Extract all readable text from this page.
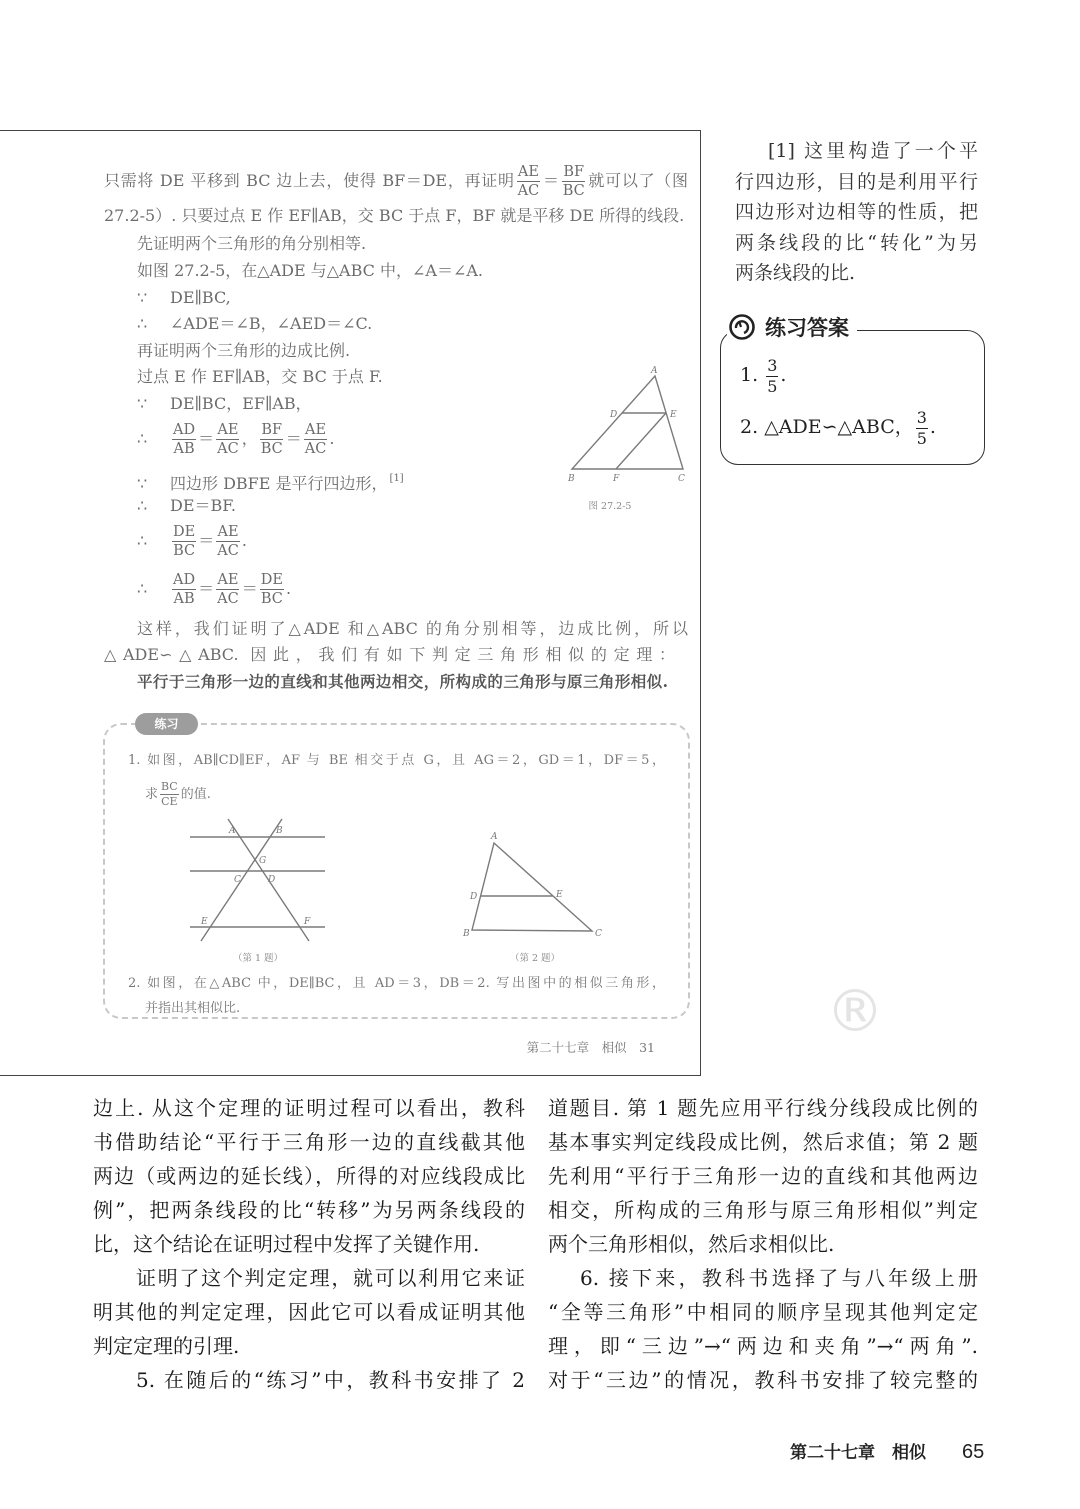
只需将 DE 平移到 BC 边上去，使得 BF＝DE，再证明 $\frac{AE}{AC} = \frac{BF}{BC}$ 就可以了（图
27.2-5）. 只要过点 E 作 EF∥AB，交 BC 于点 F，BF 就是平移 DE 所得的线段.
先证明两个三角形的角分别相等.
如图 27.2-5，在△ADE 与△ABC 中，∠A＝∠A.
∵ DE∥BC,
∴ ∠ADE＝∠B，∠AED＝∠C.
再证明两个三角形的边成比例.
过点 E 作 EF∥AB，交 BC 于点 F.
∵ DE∥BC，EF∥AB，
∴ $\frac{AD}{AB} = \frac{AE}{AC}$ ， $\frac{BF}{BC} = \frac{AE}{AC}$ .
∵ 四边形 DBFE 是平行四边形， [1]
∴ DE＝BF.
∴ $\frac{DE}{BC} = \frac{AE}{AC}$ .
∴ $\frac{AD}{AB} = \frac{AE}{AC} = \frac{DE}{BC}$ .
这样，我们证明了△ADE 和△ABC 的角分别相等，边成比例，所以
△ADE∽△ABC. 因此，我们有如下判定三角形相似的定理：
平行于三角形一边的直线和其他两边相交，所构成的三角形与原三角形相似.
A
D	E
B	F	C
图 27.2-5
练习
1. 如图，AB∥CD∥EF，AF 与 BE 相交于点 G，且 AG＝2，GD＝1，DF＝5，
求 $\frac{BC}{CE}$ 的值.
A	B
G
C	D
E	F
（第 1 题）
A
D	E
B	C
（第 2 题）
2. 如图，在△ABC 中，DE∥BC，且 AD＝3，DB＝2. 写出图中的相似三角形，
并指出其相似比.
第二十七章　相似　31
[1] 这里构造了一个平
行四边形，目的是利用平行
四边形对边相等的性质，把
两条线段的比“转化”为另
两条线段的比.
练习答案
1. $\frac{3}{5}$ .
2. △ADE∽△ABC， $\frac{3}{5}$ .
®
边上. 从这个定理的证明过程可以看出，教科
书借助结论“平行于三角形一边的直线截其他
两边（或两边的延长线），所得的对应线段成比
例”，把两条线段的比“转移”为另两条线段的
比，这个结论在证明过程中发挥了关键作用.
证明了这个判定定理，就可以利用它来证
明其他的判定定理，因此它可以看成证明其他
判定定理的引理.
5. 在随后的“练习”中，教科书安排了 2
道题目. 第 1 题先应用平行线分线段成比例的
基本事实判定线段成比例，然后求值；第 2 题
先利用“平行于三角形一边的直线和其他两边
相交，所构成的三角形与原三角形相似”判定
两个三角形相似，然后求相似比.
6. 接下来，教科书选择了与八年级上册
“全等三角形”中相同的顺序呈现其他判定定
理，即“三边”→“两边和夹角”→“两角”.
对于“三边”的情况，教科书安排了较完整的
第二十七章　相似 65
